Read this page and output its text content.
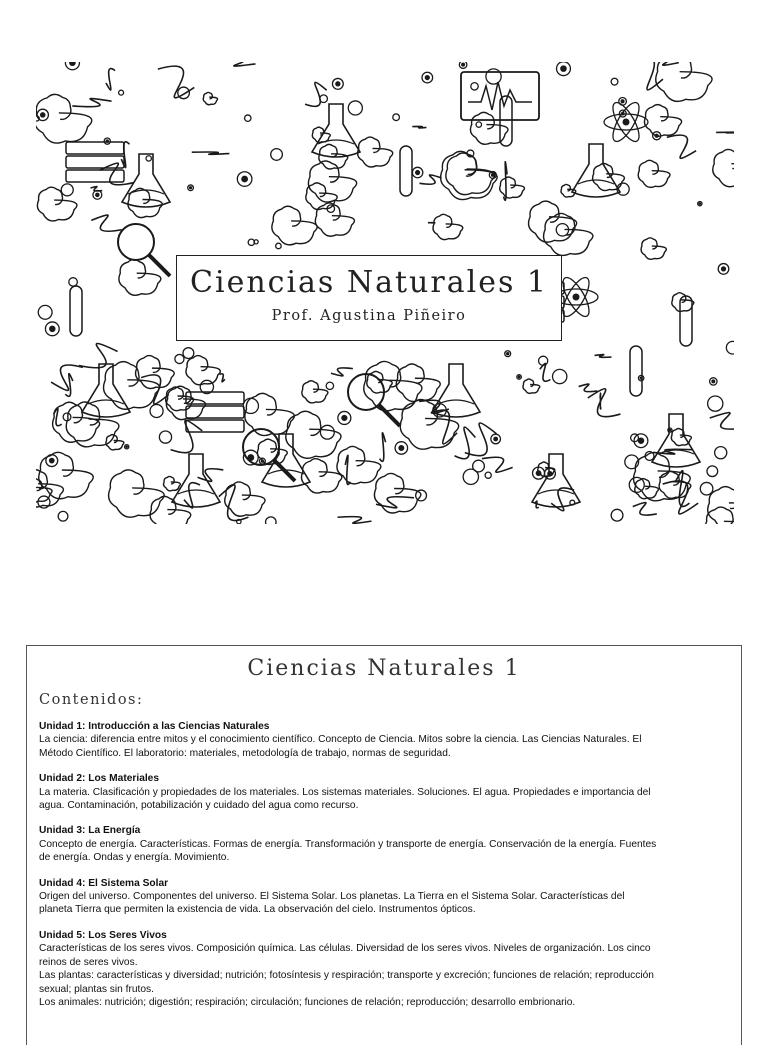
Ciencias Naturales 1
Prof. Agustina Piñeiro
Ciencias Naturales 1
Contenidos:
Unidad 1: Introducción a las Ciencias Naturales
La ciencia: diferencia entre mitos y el conocimiento científico. Concepto de Ciencia. Mitos sobre la ciencia. Las Ciencias Naturales. El
Método Científico. El laboratorio: materiales, metodología de trabajo, normas de seguridad.
Unidad 2: Los Materiales
La materia. Clasificación y propiedades de los materiales. Los sistemas materiales. Soluciones. El agua. Propiedades e importancia del
agua. Contaminación, potabilización y cuidado del agua como recurso.
Unidad 3: La Energía
Concepto de energía. Características. Formas de energía. Transformación y transporte de energía. Conservación de la energía. Fuentes
de energía. Ondas y energía. Movimiento.
Unidad 4: El Sistema Solar
Origen del universo. Componentes del universo. El Sistema Solar. Los planetas. La Tierra en el Sistema Solar. Características del
planeta Tierra que permiten la existencia de vida. La observación del cielo. Instrumentos ópticos.
Unidad 5: Los Seres Vivos
Características de los seres vivos. Composición química. Las células. Diversidad de los seres vivos. Niveles de organización. Los cinco
reinos de seres vivos.
Las plantas: características y diversidad; nutrición; fotosíntesis y respiración; transporte y excreción; funciones de relación; reproducción
sexual; plantas sin frutos.
Los animales: nutrición; digestión; respiración; circulación; funciones de relación; reproducción; desarrollo embrionario.
